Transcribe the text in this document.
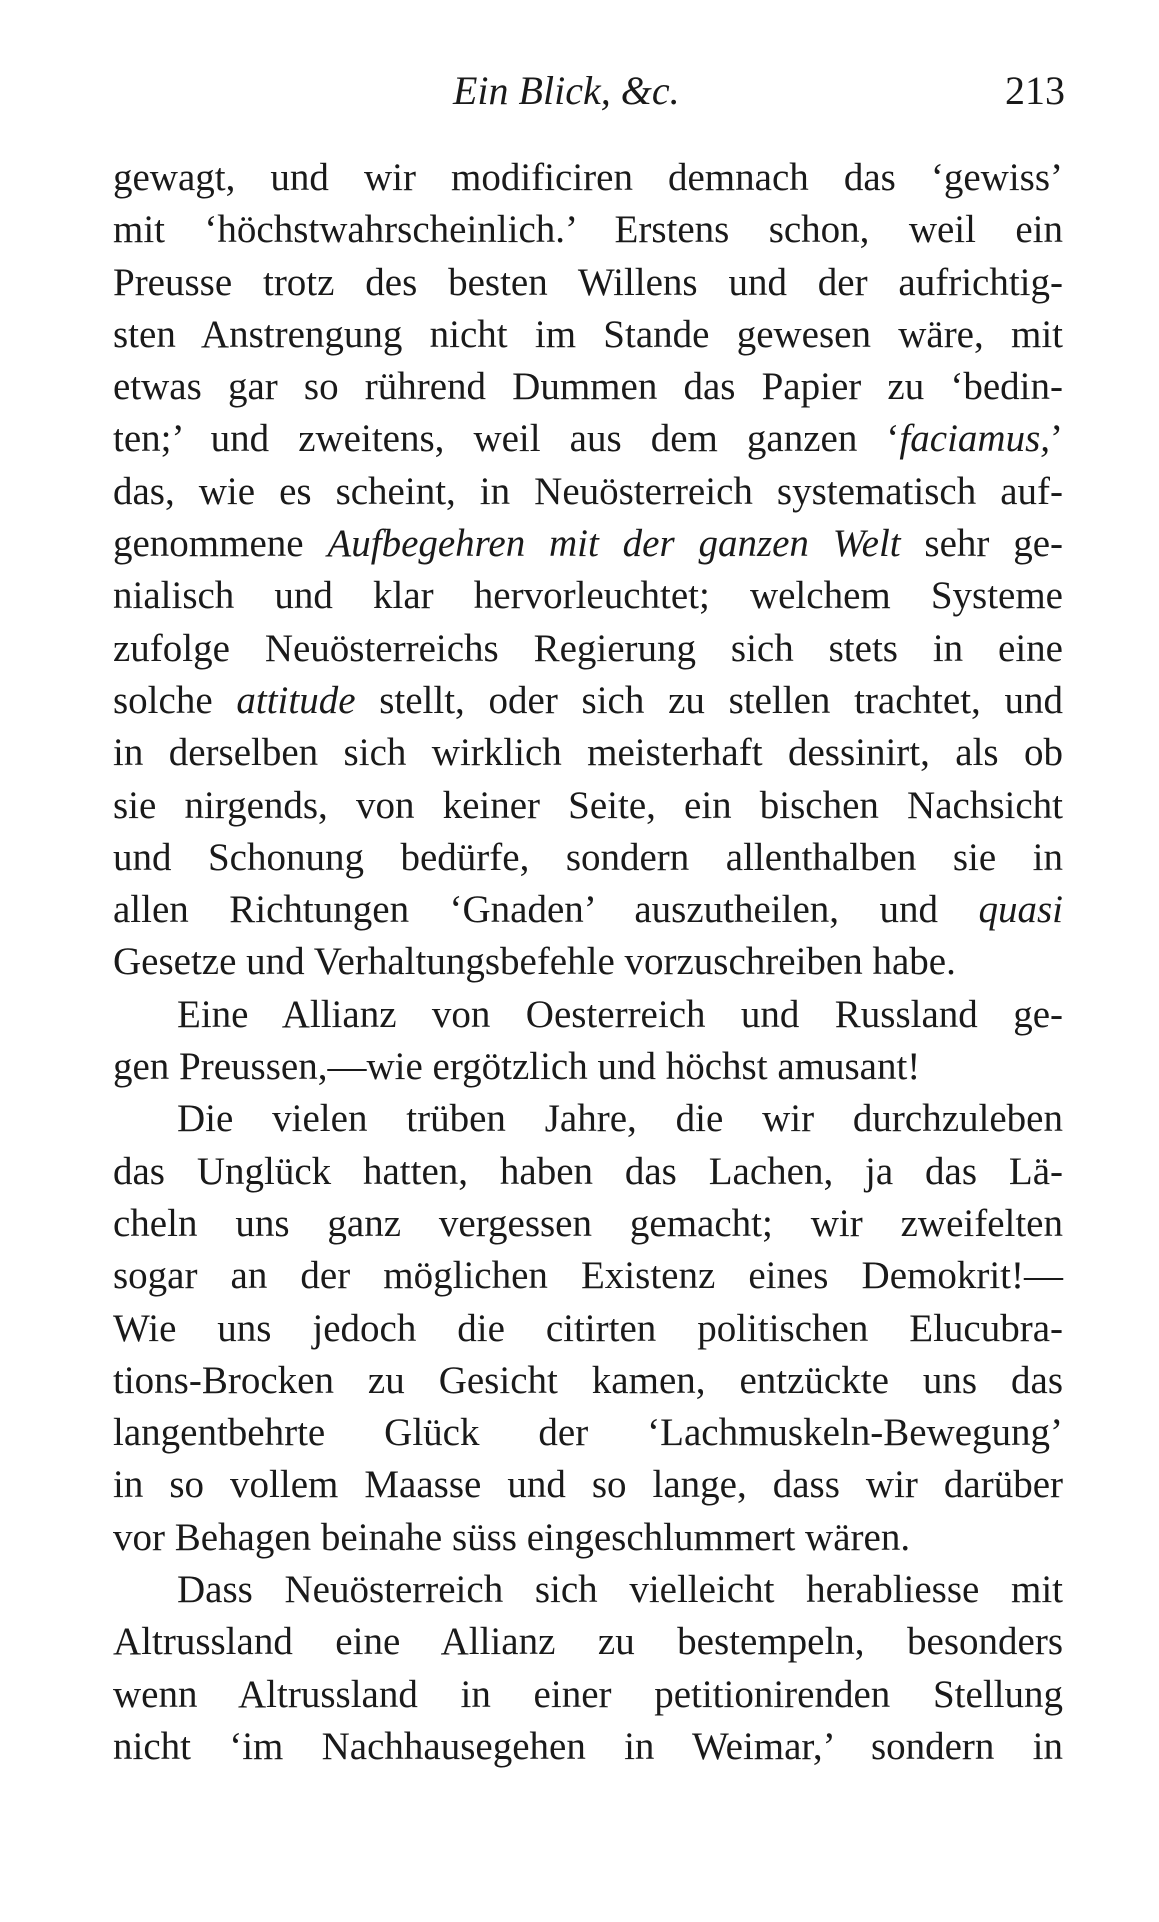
Ein Blick, &c.	213
gewagt, und wir modificiren demnach das ‘gewiss’
mit ‘höchstwahrscheinlich.’ Erstens schon, weil ein
Preusse trotz des besten Willens und der aufrichtig-
sten Anstrengung nicht im Stande gewesen wäre, mit
etwas gar so rührend Dummen das Papier zu ‘bedin-
ten;’ und zweitens, weil aus dem ganzen ‘faciamus,’
das, wie es scheint, in Neuösterreich systematisch auf-
genommene Aufbegehren mit der ganzen Welt sehr ge-
nialisch und klar hervorleuchtet; welchem Systeme
zufolge Neuösterreichs Regierung sich stets in eine
solche attitude stellt, oder sich zu stellen trachtet, und
in derselben sich wirklich meisterhaft dessinirt, als ob
sie nirgends, von keiner Seite, ein bischen Nachsicht
und Schonung bedürfe, sondern allenthalben sie in
allen Richtungen ‘Gnaden’ auszutheilen, und quasi
Gesetze und Verhaltungsbefehle vorzuschreiben habe.
Eine Allianz von Oesterreich und Russland ge-
gen Preussen,—wie ergötzlich und höchst amusant!
Die vielen trüben Jahre, die wir durchzuleben
das Unglück hatten, haben das Lachen, ja das Lä-
cheln uns ganz vergessen gemacht; wir zweifelten
sogar an der möglichen Existenz eines Demokrit!—
Wie uns jedoch die citirten politischen Elucubra-
tions-Brocken zu Gesicht kamen, entzückte uns das
langentbehrte Glück der ‘Lachmuskeln-Bewegung’
in so vollem Maasse und so lange, dass wir darüber
vor Behagen beinahe süss eingeschlummert wären.
Dass Neuösterreich sich vielleicht herabliesse mit
Altrussland eine Allianz zu bestempeln, besonders
wenn Altrussland in einer petitionirenden Stellung
nicht ‘im Nachhausegehen in Weimar,’ sondern in
